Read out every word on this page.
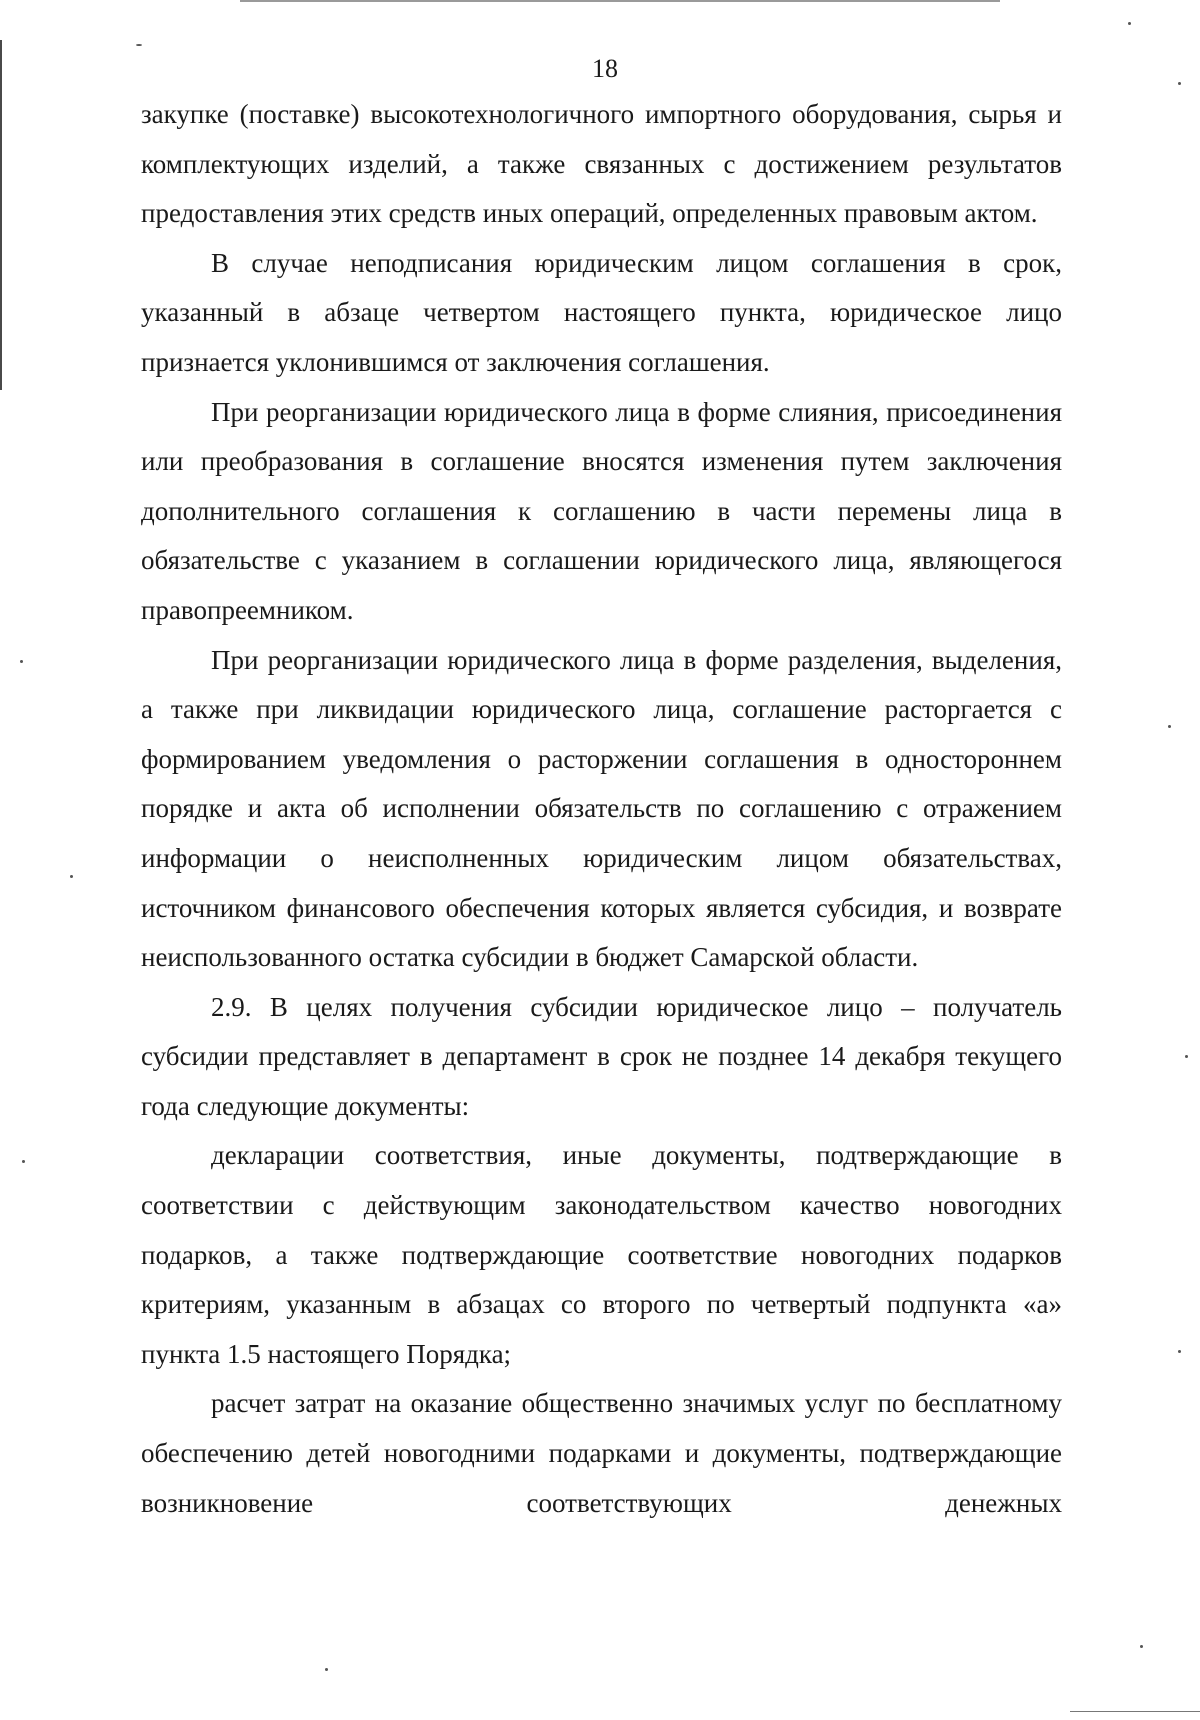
18

закупке (поставке) высокотехнологичного импортного оборудования, сырья и комплектующих изделий, а также связанных с достижением результатов предоставления этих средств иных операций, определенных правовым актом.

В случае неподписания юридическим лицом соглашения в срок, указанный в абзаце четвертом настоящего пункта, юридическое лицо признается уклонившимся от заключения соглашения.

При реорганизации юридического лица в форме слияния, присоединения или преобразования в соглашение вносятся изменения путем заключения дополнительного соглашения к соглашению в части перемены лица в обязательстве с указанием в соглашении юридического лица, являющегося правопреемником.

При реорганизации юридического лица в форме разделения, выделения, а также при ликвидации юридического лица, соглашение расторгается с формированием уведомления о расторжении соглашения в одностороннем порядке и акта об исполнении обязательств по соглашению с отражением информации о неисполненных юридическим лицом обязательствах, источником финансового обеспечения которых является субсидия, и возврате неиспользованного остатка субсидии в бюджет Самарской области.

2.9. В целях получения субсидии юридическое лицо – получатель субсидии представляет в департамент в срок не позднее 14 декабря текущего года следующие документы:

декларации соответствия, иные документы, подтверждающие в соответствии с действующим законодательством качество новогодних подарков, а также подтверждающие соответствие новогодних подарков критериям, указанным в абзацах со второго по четвертый подпункта «а» пункта 1.5 настоящего Порядка;

расчет затрат на оказание общественно значимых услуг по бесплатному обеспечению детей новогодними подарками и документы, подтверждающие возникновение соответствующих денежных
